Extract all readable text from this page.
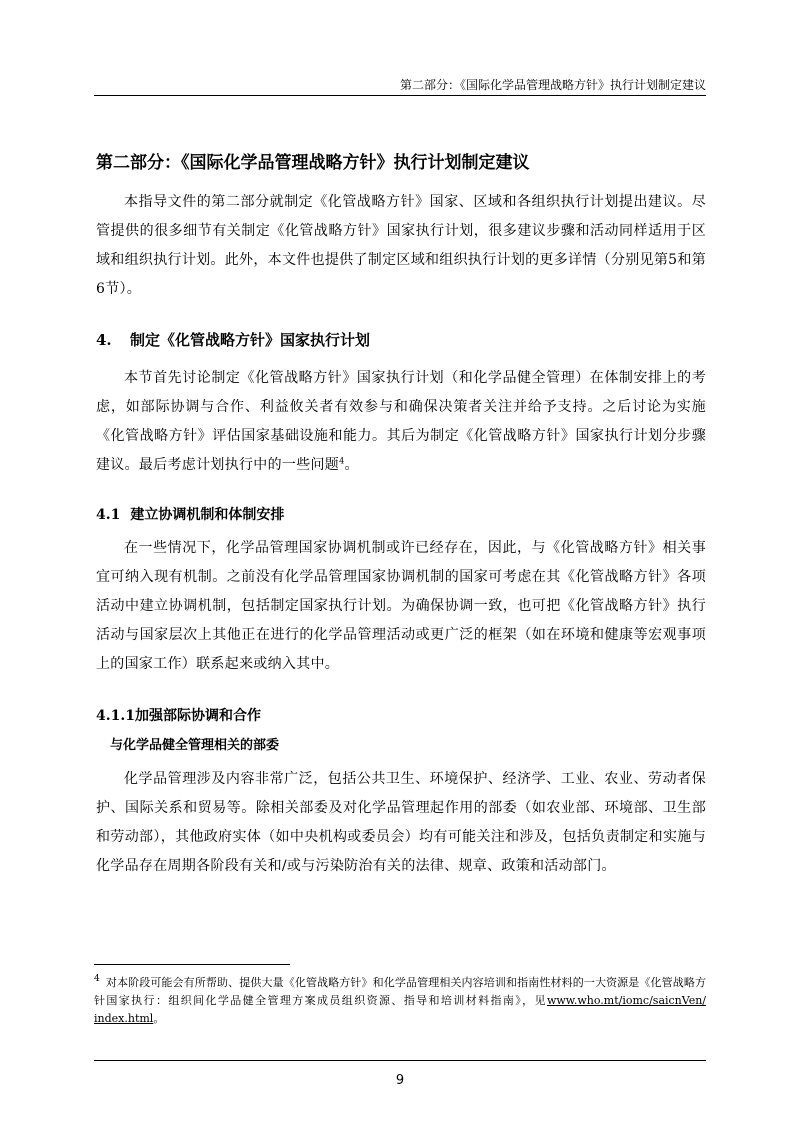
第二部分：《国际化学品管理战略方针》执行计划制定建议
第二部分：《国际化学品管理战略方针》执行计划制定建议

本指导文件的第二部分就制定《化管战略方针》国家、区域和各组织执行计划提出建议。尽管提供的很多细节有关制定《化管战略方针》国家执行计划，很多建议步骤和活动同样适用于区域和组织执行计划。此外，本文件也提供了制定区域和组织执行计划的更多详情（分别见第5和第6节）。

4. 制定《化管战略方针》国家执行计划

本节首先讨论制定《化管战略方针》国家执行计划（和化学品健全管理）在体制安排上的考虑，如部际协调与合作、利益攸关者有效参与和确保决策者关注并给予支持。之后讨论为实施《化管战略方针》评估国家基础设施和能力。其后为制定《化管战略方针》国家执行计划分步骤建议。最后考虑计划执行中的一些问题$^4$。

4.1 建立协调机制和体制安排

在一些情况下，化学品管理国家协调机制或许已经存在，因此，与《化管战略方针》相关事宜可纳入现有机制。之前没有化学品管理国家协调机制的国家可考虑在其《化管战略方针》各项活动中建立协调机制，包括制定国家执行计划。为确保协调一致，也可把《化管战略方针》执行活动与国家层次上其他正在进行的化学品管理活动或更广泛的框架（如在环境和健康等宏观事项上的国家工作）联系起来或纳入其中。

4.1.1加强部际协调和合作
与化学品健全管理相关的部委

化学品管理涉及内容非常广泛，包括公共卫生、环境保护、经济学、工业、农业、劳动者保护、国际关系和贸易等。除相关部委及对化学品管理起作用的部委（如农业部、环境部、卫生部和劳动部），其他政府实体（如中央机构或委员会）均有可能关注和涉及，包括负责制定和实施与化学品存在周期各阶段有关和/或与污染防治有关的法律、规章、政策和活动部门。

$^4$ 对本阶段可能会有所帮助、提供大量《化管战略方针》和化学品管理相关内容培训和指南性材料的一大资源是《化管战略方针国家执行：组织间化学品健全管理方案成员组织资源、指导和培训材料指南》，见www.who.mt/iomc/saicnVen/ index.html。
9
